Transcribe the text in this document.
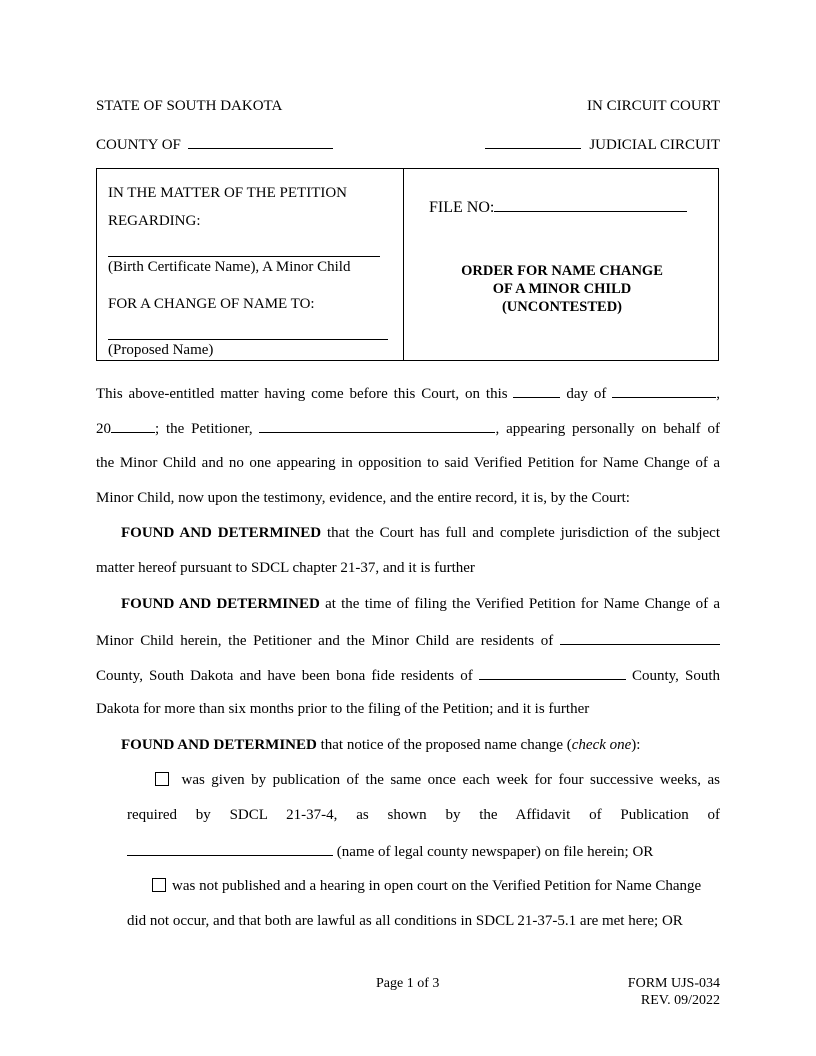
STATE OF SOUTH DAKOTA	IN CIRCUIT COURT
COUNTY OF	JUDICIAL CIRCUIT
IN THE MATTER OF THE PETITION
REGARDING:
(Birth Certificate Name), A Minor Child
FOR A CHANGE OF NAME TO:
(Proposed Name)
FILE NO:
ORDER FOR NAME CHANGE
OF A MINOR CHILD
(UNCONTESTED)
This above-entitled matter having come before this Court, on this	day of	,
20	; the Petitioner,	, appearing personally on behalf of
the Minor Child and no one appearing in opposition to said Verified Petition for Name Change of a
Minor Child, now upon the testimony, evidence, and the entire record, it is, by the Court:
FOUND AND DETERMINED that the Court has full and complete jurisdiction of the subject
matter hereof pursuant to SDCL chapter 21-37, and it is further
FOUND AND DETERMINED at the time of filing the Verified Petition for Name Change of a
Minor Child herein, the Petitioner and the Minor Child are residents of
County, South Dakota and have been bona fide residents of	County, South
Dakota for more than six months prior to the filing of the Petition; and it is further
FOUND AND DETERMINED that notice of the proposed name change (check one):
was given by publication of the same once each week for four successive weeks, as
required by SDCL 21-37-4, as shown by the Affidavit of Publication of
(name of legal county newspaper) on file herein; OR
was not published and a hearing in open court on the Verified Petition for Name Change
did not occur, and that both are lawful as all conditions in SDCL 21-37-5.1 are met here; OR
Page 1 of 3	FORM UJS-034
REV. 09/2022
